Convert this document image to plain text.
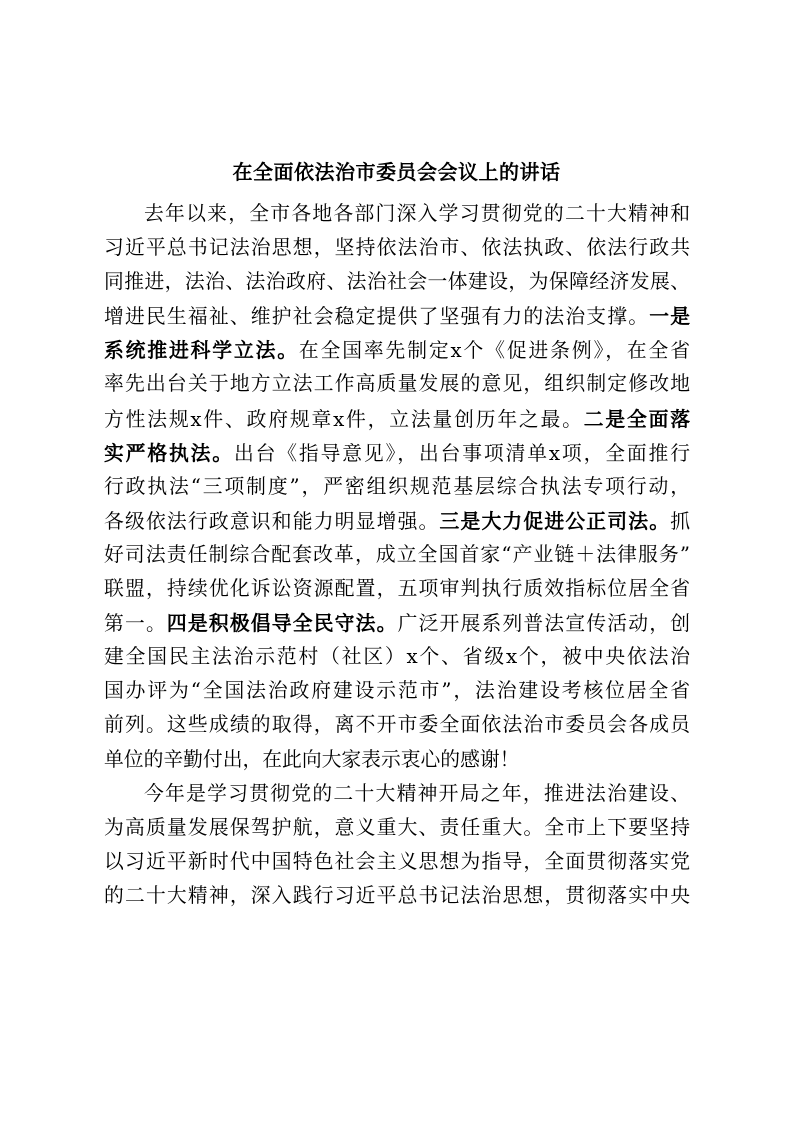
在全面依法治市委员会会议上的讲话
去年以来，全市各地各部门深入学习贯彻党的二十大精神和
习近平总书记法治思想，坚持依法治市、依法执政、依法行政共
同推进，法治、法治政府、法治社会一体建设，为保障经济发展、
增进民生福祉、维护社会稳定提供了坚强有力的法治支撑。一是
系统推进科学立法。在全国率先制定x个《促进条例》，在全省
率先出台关于地方立法工作高质量发展的意见，组织制定修改地
方性法规x件、政府规章x件，立法量创历年之最。二是全面落
实严格执法。出台《指导意见》，出台事项清单x项，全面推行
行政执法“三项制度”，严密组织规范基层综合执法专项行动，
各级依法行政意识和能力明显增强。三是大力促进公正司法。抓
好司法责任制综合配套改革，成立全国首家“产业链＋法律服务”
联盟，持续优化诉讼资源配置，五项审判执行质效指标位居全省
第一。四是积极倡导全民守法。广泛开展系列普法宣传活动，创
建全国民主法治示范村（社区）x个、省级x个，被中央依法治
国办评为“全国法治政府建设示范市”，法治建设考核位居全省
前列。这些成绩的取得，离不开市委全面依法治市委员会各成员
单位的辛勤付出，在此向大家表示衷心的感谢！
今年是学习贯彻党的二十大精神开局之年，推进法治建设、
为高质量发展保驾护航，意义重大、责任重大。全市上下要坚持
以习近平新时代中国特色社会主义思想为指导，全面贯彻落实党
的二十大精神，深入践行习近平总书记法治思想，贯彻落实中央
